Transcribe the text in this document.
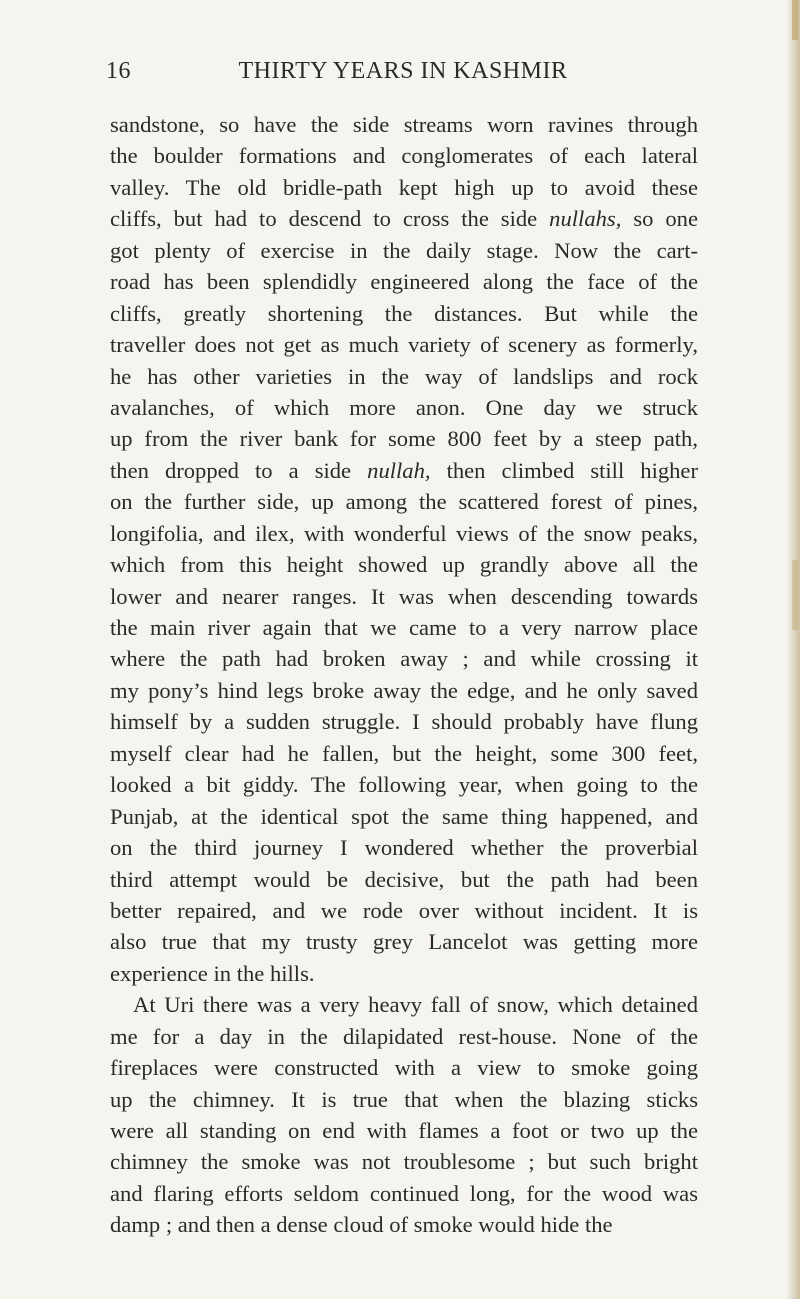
16	THIRTY YEARS IN KASHMIR
sandstone, so have the side streams worn ravines through
the boulder formations and conglomerates of each lateral
valley. The old bridle-path kept high up to avoid these
cliffs, but had to descend to cross the side nullahs, so one
got plenty of exercise in the daily stage. Now the cart-
road has been splendidly engineered along the face of the
cliffs, greatly shortening the distances. But while the
traveller does not get as much variety of scenery as formerly,
he has other varieties in the way of landslips and rock
avalanches, of which more anon. One day we struck
up from the river bank for some 800 feet by a steep path,
then dropped to a side nullah, then climbed still higher
on the further side, up among the scattered forest of pines,
longifolia, and ilex, with wonderful views of the snow peaks,
which from this height showed up grandly above all the
lower and nearer ranges. It was when descending towards
the main river again that we came to a very narrow place
where the path had broken away ; and while crossing it
my pony’s hind legs broke away the edge, and he only saved
himself by a sudden struggle. I should probably have flung
myself clear had he fallen, but the height, some 300 feet,
looked a bit giddy. The following year, when going to the
Punjab, at the identical spot the same thing happened, and
on the third journey I wondered whether the proverbial
third attempt would be decisive, but the path had been
better repaired, and we rode over without incident. It is
also true that my trusty grey Lancelot was getting more
experience in the hills.
At Uri there was a very heavy fall of snow, which detained
me for a day in the dilapidated rest-house. None of the
fireplaces were constructed with a view to smoke going
up the chimney. It is true that when the blazing sticks
were all standing on end with flames a foot or two up the
chimney the smoke was not troublesome ; but such bright
and flaring efforts seldom continued long, for the wood was
damp ; and then a dense cloud of smoke would hide the
